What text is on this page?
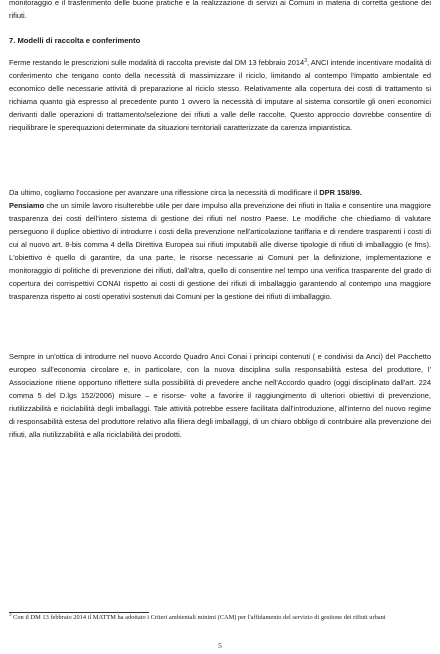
monitoraggio e il trasferimento delle buone pratiche e la realizzazione di servizi ai Comuni in materia di corretta gestione dei rifiuti.

7. Modelli di raccolta e conferimento

Ferme restando le prescrizioni sulle modalità di raccolta previste dal DM 13 febbraio 2014$^3$, ANCI intende incentivare modalità di conferimento che tengano conto della necessità di massimizzare il riciclo, limitando al contempo l'impatto ambientale ed economico delle necessarie attività di preparazione al riciclo stesso. Relativamente alla copertura dei costi di trattamento si richiama quanto già espresso al precedente punto 1 ovvero la necessità di imputare al sistema consortile gli oneri economici derivanti dalle operazioni di trattamento/selezione dei rifiuti a valle delle raccolte. Questo approccio dovrebbe consentire di riequilibrare le sperequazioni determinate da situazioni territoriali caratterizzate da carenza impiantistica.

Da ultimo, cogliamo l'occasione per avanzare una riflessione circa la necessità di modificare il DPR 158/99.
Pensiamo che un simile lavoro risulterebbe utile per dare impulso alla prevenzione dei rifiuti in Italia e consentire una maggiore trasparenza dei costi dell'intero sistema di gestione dei rifiuti nel nostro Paese. Le modifiche che chiediamo di valutare perseguono il duplice obiettivo di introdurre i costi della prevenzione nell'articolazione tariffaria e di rendere trasparenti i costi di cui al nuovo art. 8-bis comma 4 della Direttiva Europea sui rifiuti imputabili alle diverse tipologie di rifiuti di imballaggio (e fms). L'obiettivo è quello di garantire, da una parte, le risorse necessarie ai Comuni per la definizione, implementazione e monitoraggio di politiche di prevenzione dei rifiuti, dall'altra, quello di consentire nel tempo una verifica trasparente del grado di copertura dei corrispettivi CONAI rispetto ai costi di gestione dei rifiuti di imballaggio garantendo al contempo una maggiore trasparenza rispetto ai costi operativi sostenuti dai Comuni per la gestione dei rifiuti di imballaggio.

Sempre in un'ottica di introdurre nel nuovo Accordo Quadro Anci Conai i principi contenuti ( e condivisi da Anci) del Pacchetto europeo sull'economia circolare e, in particolare, con la nuova disciplina sulla responsabilità estesa del produttore, l' Associazione ritiene opportuno riflettere sulla possibilità di prevedere anche nell'Accordo quadro (oggi disciplinato dall'art. 224 comma 5 del D.lgs 152/2006) misure – e risorse- volte a favorire il raggiungimento di ulteriori obiettivi di prevenzione, riutilizzabilità e riciclabilità degli imballaggi. Tale attività potrebbe essere facilitata dall'introduzione, all'interno del nuovo regime di responsabilità estesa del produttore relativo alla filiera degli imballaggi, di un chiaro obbligo di contribuire alla prevenzione dei rifiuti, alla riutilizzabilità e alla riciclabilità dei prodotti.

$^3$ Con il DM 13 febbraio 2014 il MATTM ha adottato i Criteri ambientali minimi (CAM) per l'affidamento del servizio di gestione dei rifiuti urbani
5
